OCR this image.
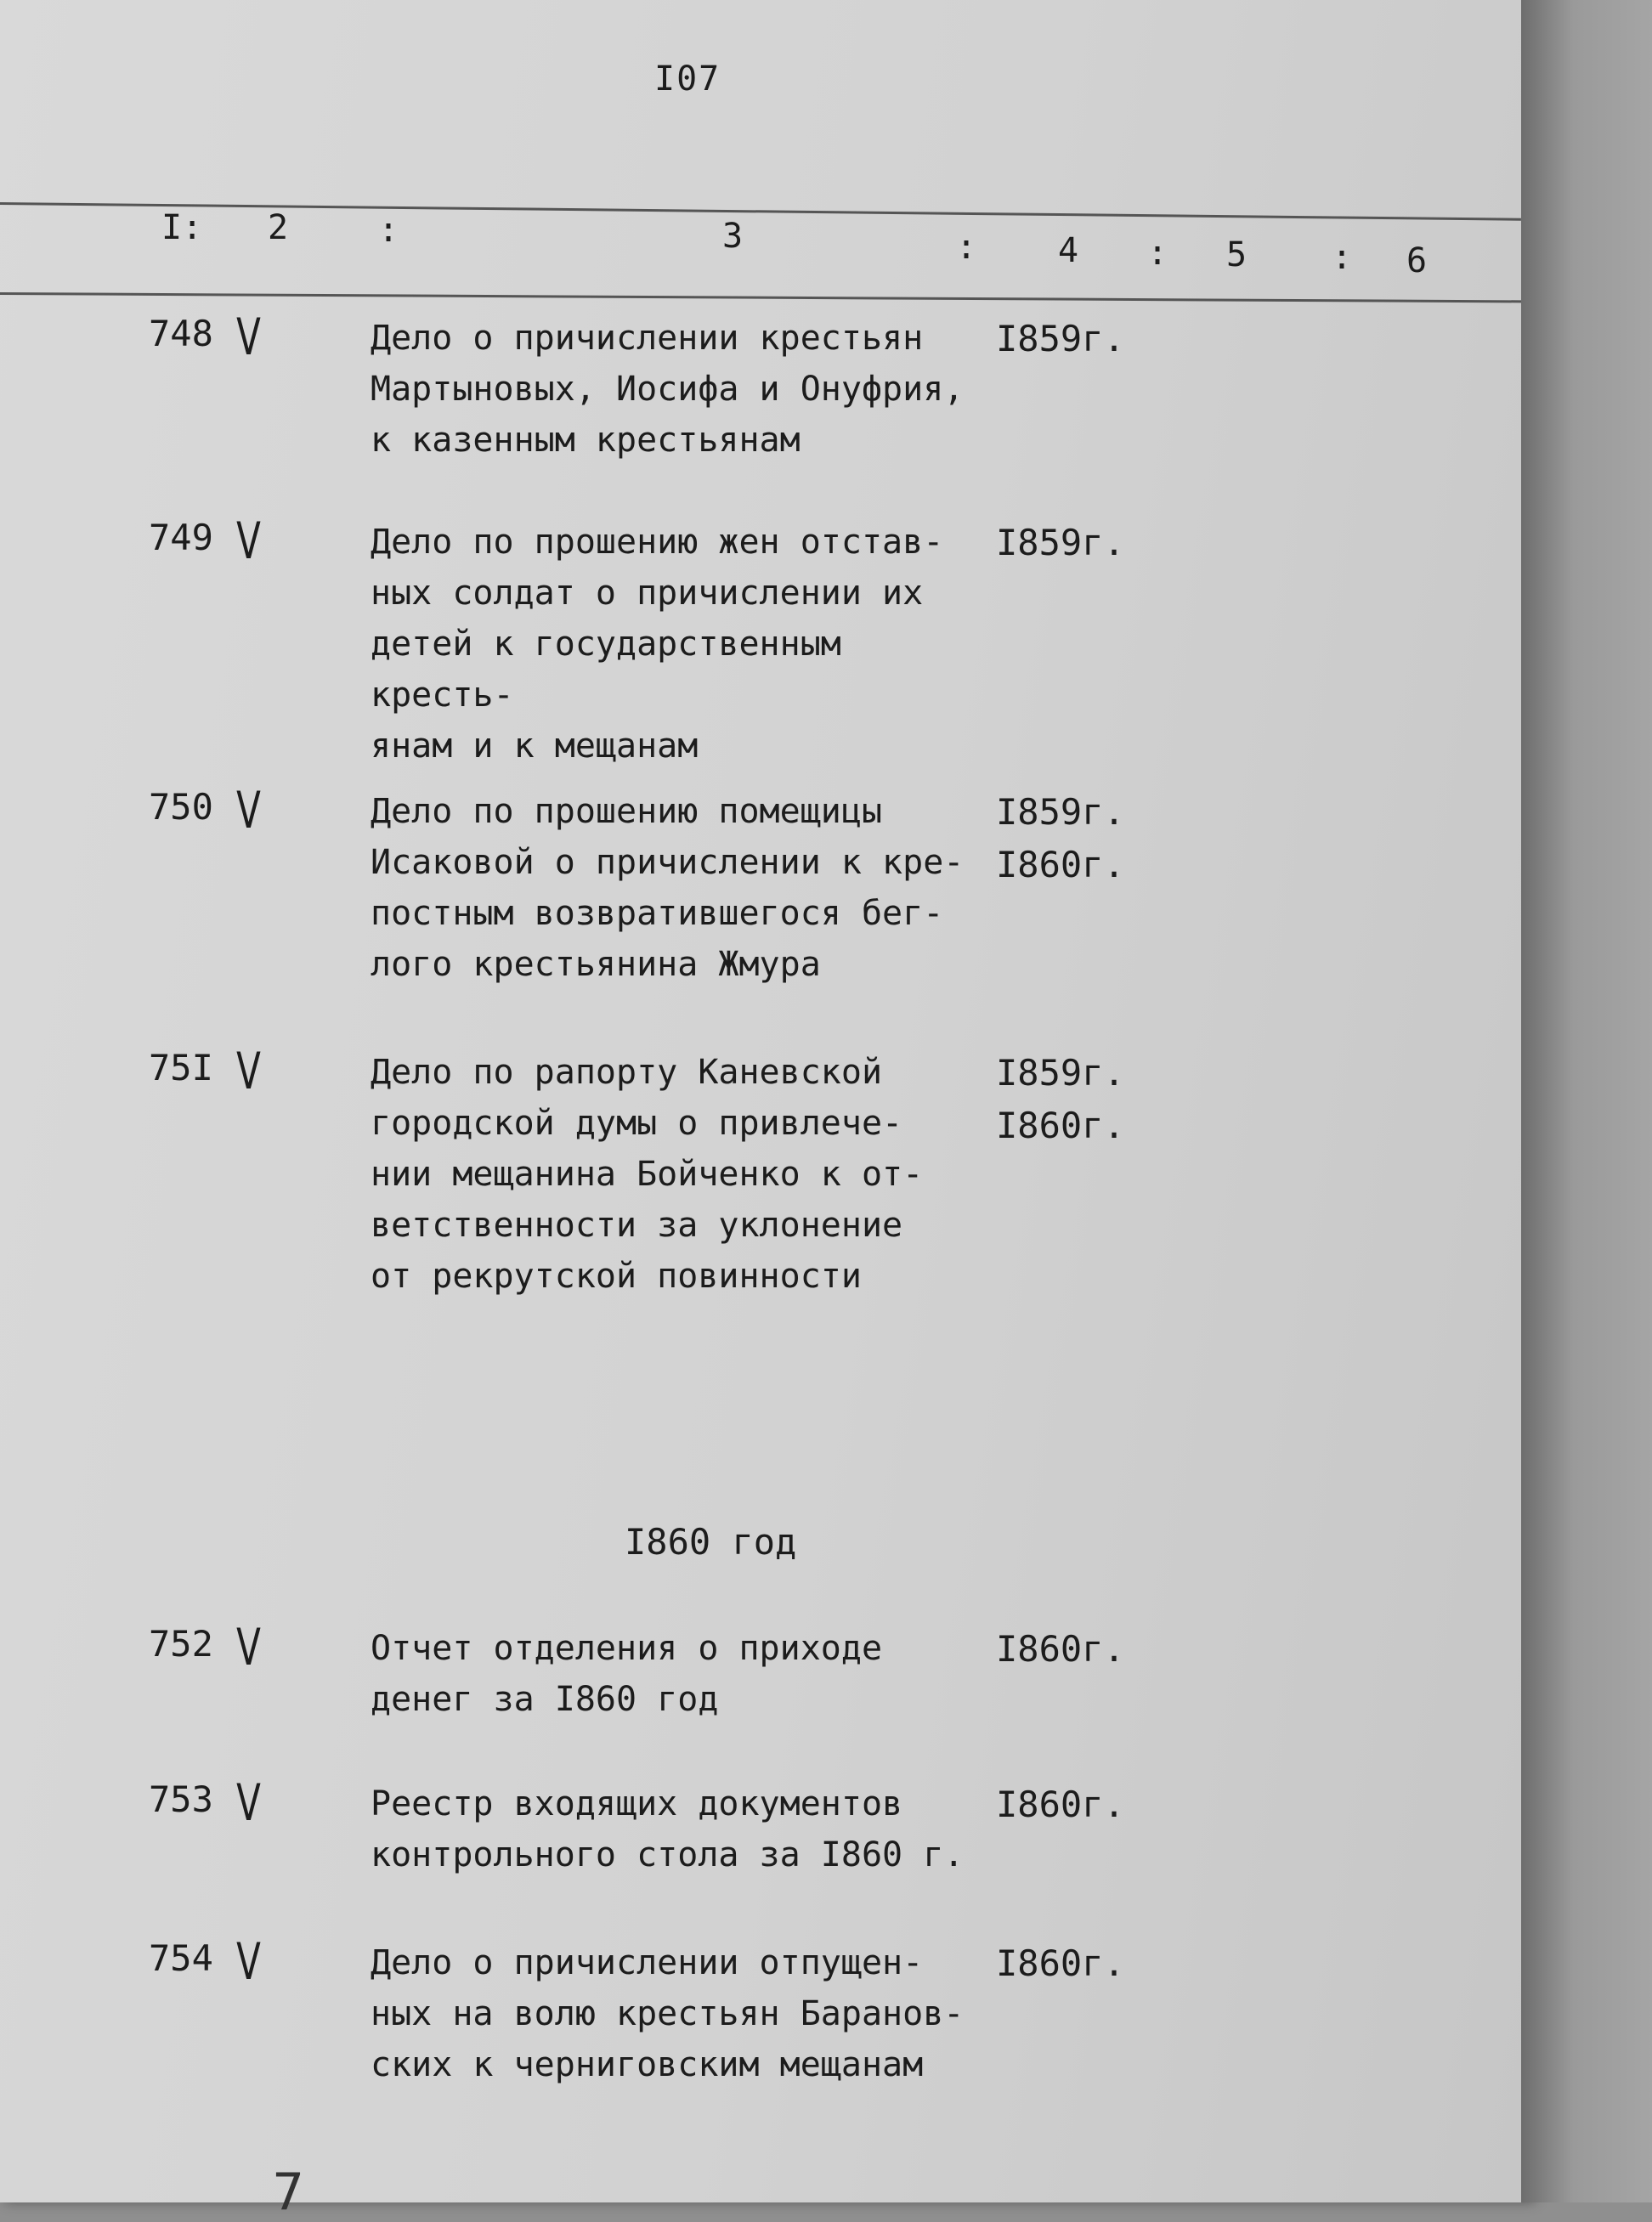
I07
I: 2	:	3	: 4 : 5 : 6
748 V	Дело о причислении крестьян
Мартыновых, Иосифа и Онуфрия,
к казенным крестьянам
I859г.
749 V	Дело по прошению жен отстав-
ных солдат о причислении их
детей к государственным кресть-
янам и к мещанам
I859г.
750 V	Дело по прошению помещицы
Исаковой о причислении к кре-
постным возвратившегося бег-
лого крестьянина Жмура
I859г.
I860г.
75I V	Дело по рапорту Каневской
городской думы о привлече-
нии мещанина Бойченко к от-
ветственности за уклонение
от рекрутской повинности
I859г.
I860г.
I860 год
752 V	Отчет отделения о приходе
денег за I860 год
I860г.
753 V	Реестр входящих документов
контрольного стола за I860 г.
I860г.
754 V	Дело о причислении отпущен-
ных на волю крестьян Баранов-
ских к черниговским мещанам
I860г.
7
